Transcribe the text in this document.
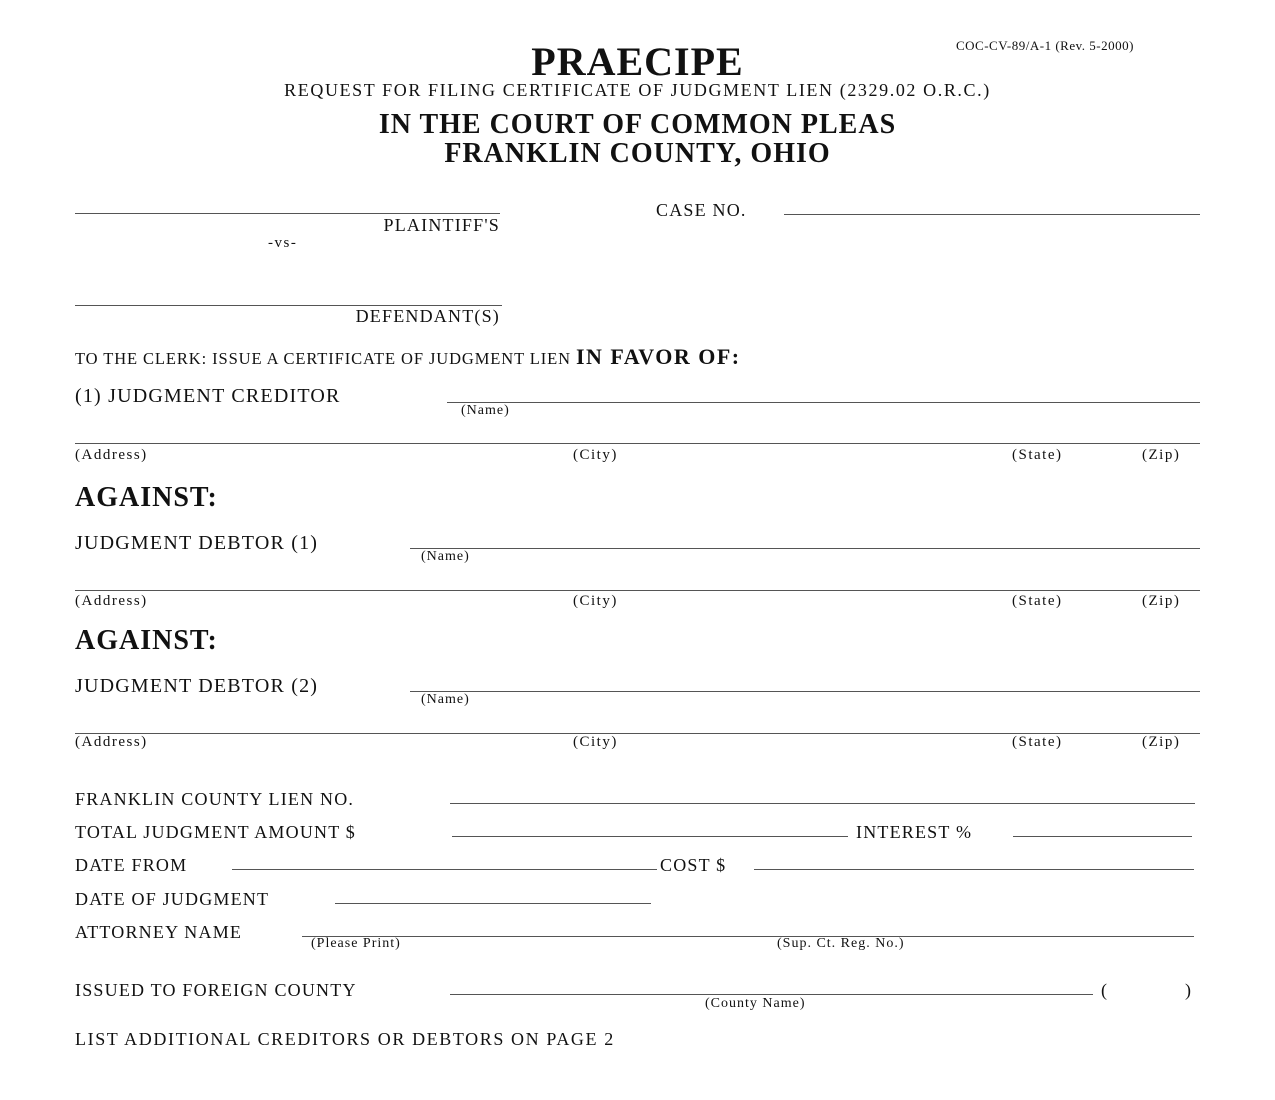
COC-CV-89/A-1 (Rev. 5-2000)
PRAECIPE
REQUEST FOR FILING CERTIFICATE OF JUDGMENT LIEN (2329.02 O.R.C.)
IN THE COURT OF COMMON PLEAS
FRANKLIN COUNTY, OHIO
CASE NO.
PLAINTIFF'S
-vs-
DEFENDANT(S)
TO THE CLERK: ISSUE A CERTIFICATE OF JUDGMENT LIEN IN FAVOR OF:
(1) JUDGMENT CREDITOR
(Name)
(Address)	(City)	(State)	(Zip)
AGAINST:
JUDGMENT DEBTOR (1)
(Name)
(Address)	(City)	(State)	(Zip)
AGAINST:
JUDGMENT DEBTOR (2)
(Name)
(Address)	(City)	(State)	(Zip)
FRANKLIN COUNTY LIEN NO.
TOTAL JUDGMENT AMOUNT $	INTEREST %
DATE FROM	COST $
DATE OF JUDGMENT
ATTORNEY NAME
(Please Print)	(Sup. Ct. Reg. No.)
ISSUED TO FOREIGN COUNTY	(	)
(County Name)
LIST ADDITIONAL CREDITORS OR DEBTORS ON PAGE 2
